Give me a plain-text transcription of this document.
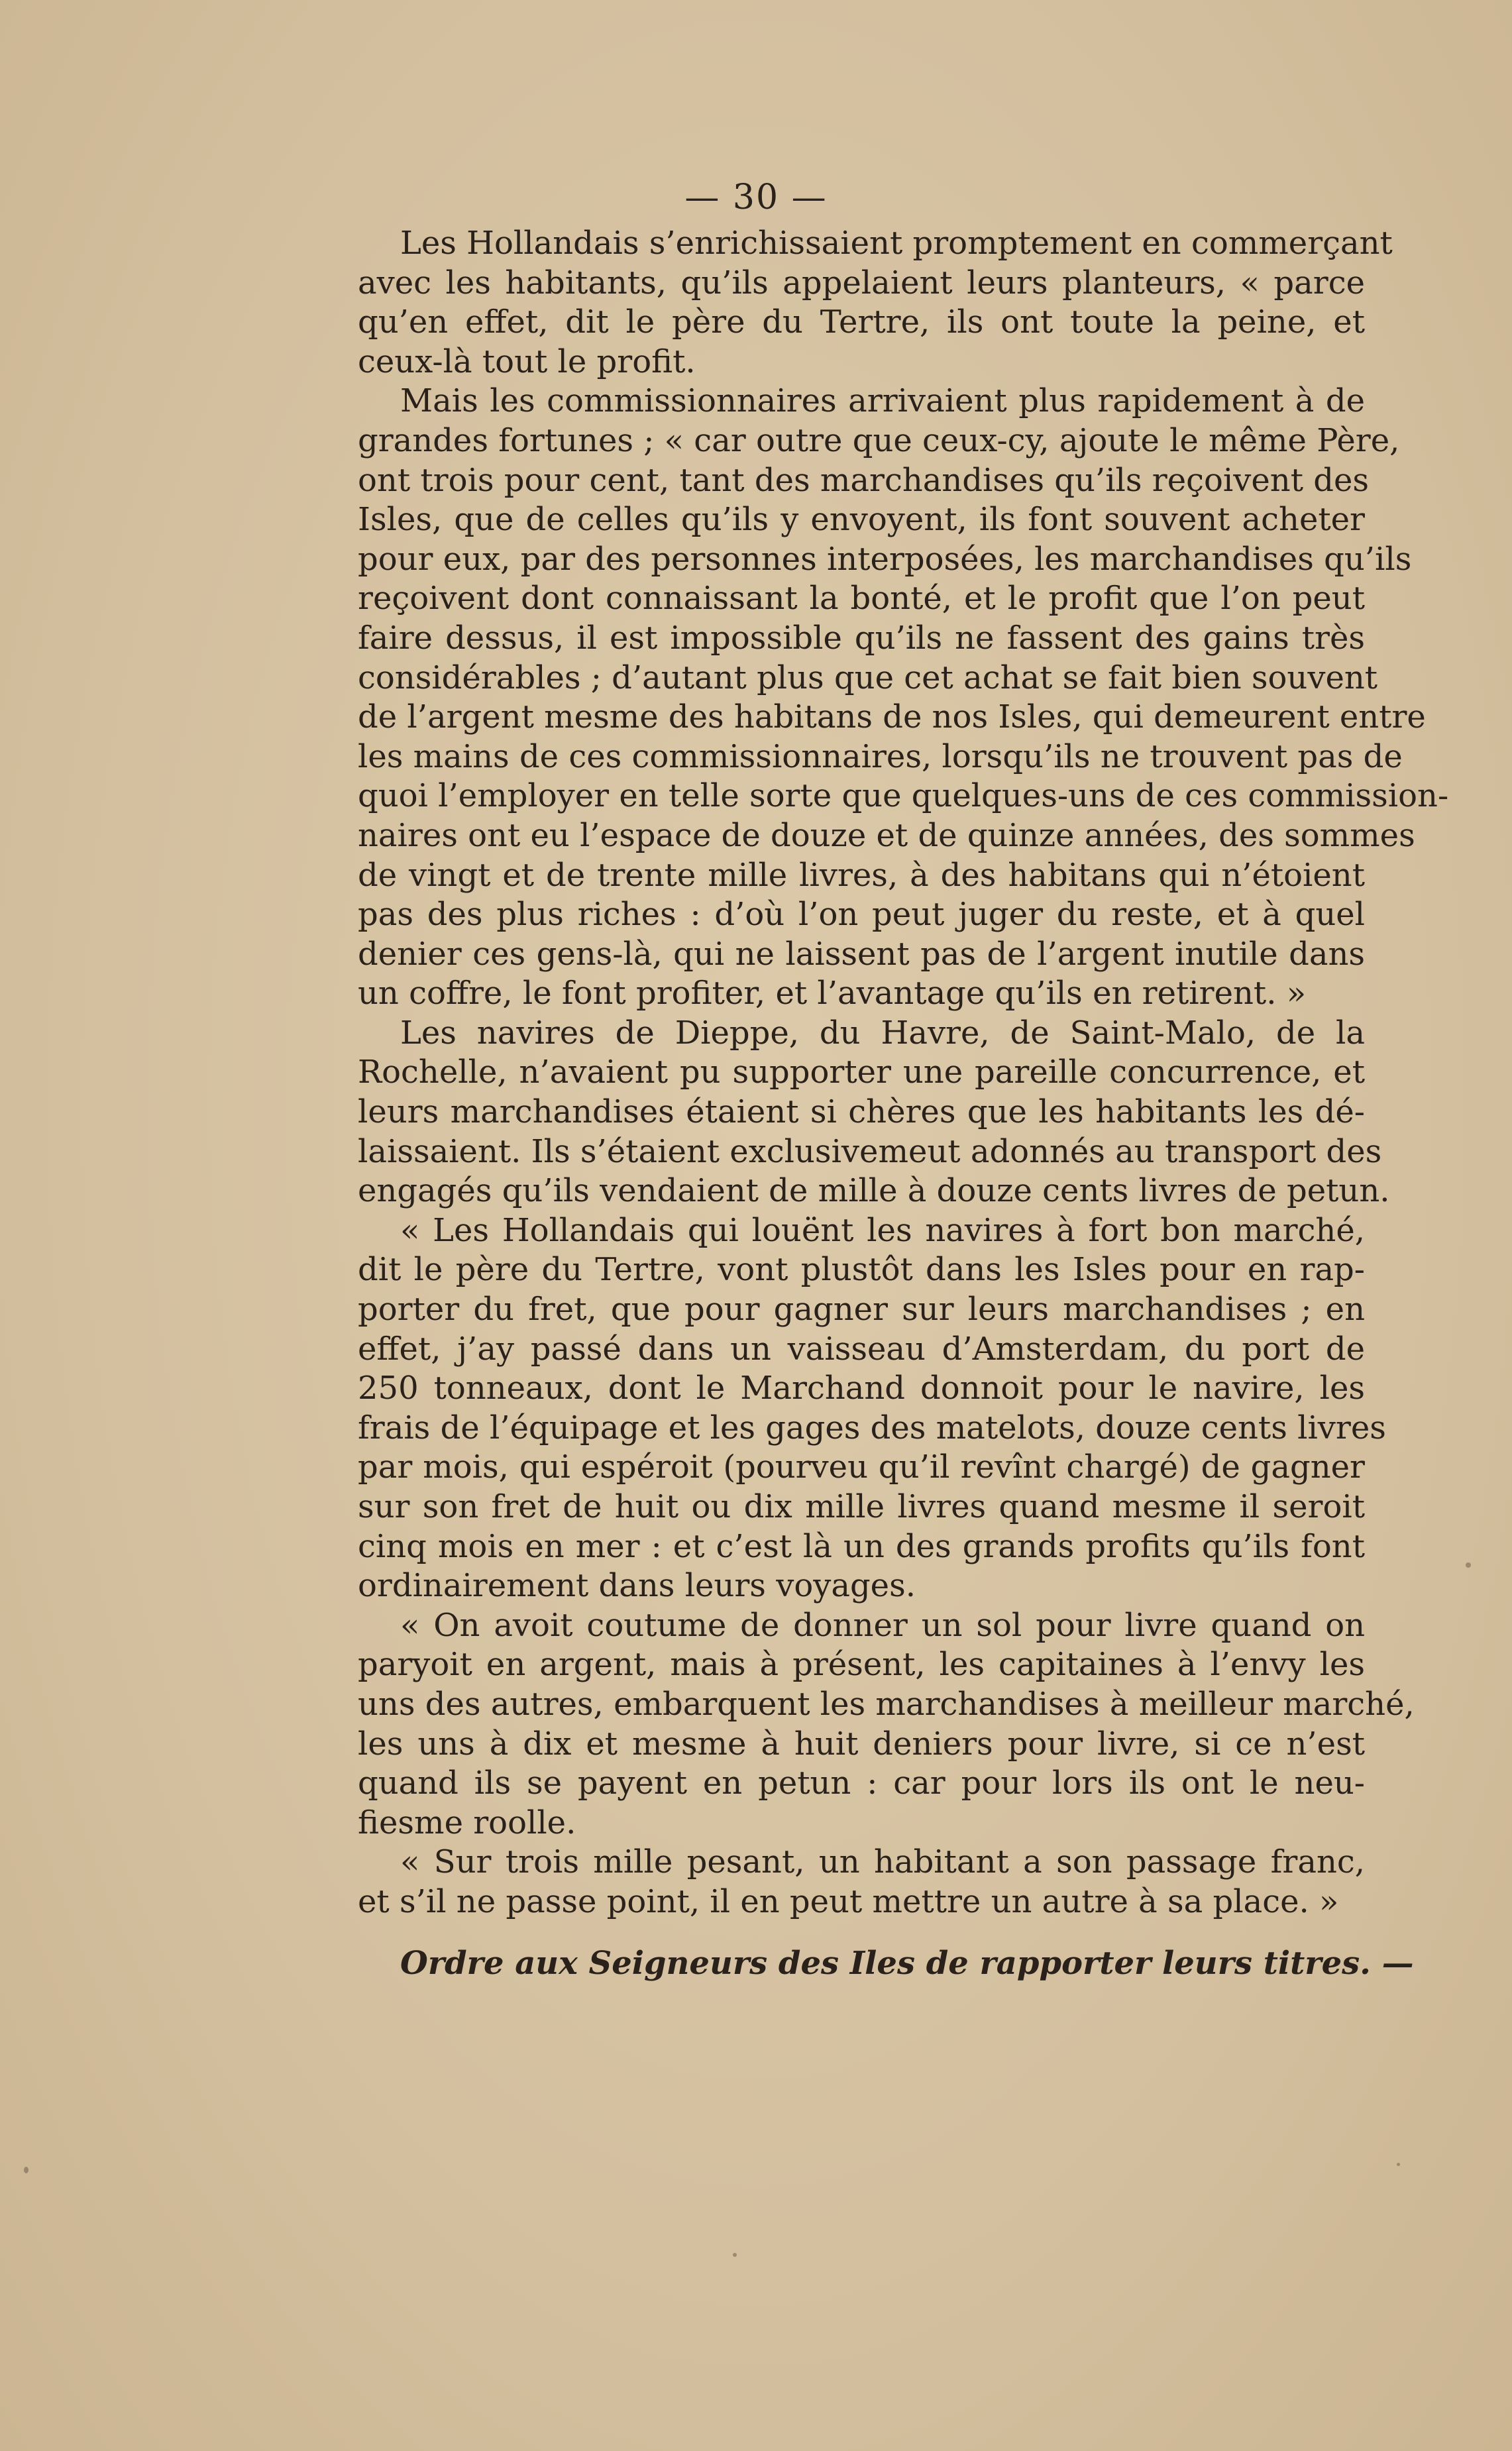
— 30 —
Les Hollandais s’enrichissaient promptement en commerçant
avec les habitants, qu’ils appelaient leurs planteurs, « parce
qu’en effet, dit le père du Tertre, ils ont toute la peine, et
ceux-là tout le profit.
Mais les commissionnaires arrivaient plus rapidement à de
grandes fortunes ; « car outre que ceux-cy, ajoute le même Père,
ont trois pour cent, tant des marchandises qu’ils reçoivent des
Isles, que de celles qu’ils y envoyent, ils font souvent acheter
pour eux, par des personnes interposées, les marchandises qu’ils
reçoivent dont connaissant la bonté, et le profit que l’on peut
faire dessus, il est impossible qu’ils ne fassent des gains très
considérables ; d’autant plus que cet achat se fait bien souvent
de l’argent mesme des habitans de nos Isles, qui demeurent entre
les mains de ces commissionnaires, lorsqu’ils ne trouvent pas de
quoi l’employer en telle sorte que quelques-uns de ces commission-
naires ont eu l’espace de douze et de quinze années, des sommes
de vingt et de trente mille livres, à des habitans qui n’étoient
pas des plus riches : d’où l’on peut juger du reste, et à quel
denier ces gens-là, qui ne laissent pas de l’argent inutile dans
un coffre, le font profiter, et l’avantage qu’ils en retirent. »
Les navires de Dieppe, du Havre, de Saint-Malo, de la
Rochelle, n’avaient pu supporter une pareille concurrence, et
leurs marchandises étaient si chères que les habitants les dé-
laissaient. Ils s’étaient exclusivemeut adonnés au transport des
engagés qu’ils vendaient de mille à douze cents livres de petun.
« Les Hollandais qui louënt les navires à fort bon marché,
dit le père du Tertre, vont plustôt dans les Isles pour en rap-
porter du fret, que pour gagner sur leurs marchandises ; en
effet, j’ay passé dans un vaisseau d’Amsterdam, du port de
250 tonneaux, dont le Marchand donnoit pour le navire, les
frais de l’équipage et les gages des matelots, douze cents livres
par mois, qui espéroit (pourveu qu’il revînt chargé) de gagner
sur son fret de huit ou dix mille livres quand mesme il seroit
cinq mois en mer : et c’est là un des grands profits qu’ils font
ordinairement dans leurs voyages.
« On avoit coutume de donner un sol pour livre quand on
paryoit en argent, mais à présent, les capitaines à l’envy les
uns des autres, embarquent les marchandises à meilleur marché,
les uns à dix et mesme à huit deniers pour livre, si ce n’est
quand ils se payent en petun : car pour lors ils ont le neu-
fiesme roolle.
« Sur trois mille pesant, un habitant a son passage franc,
et s’il ne passe point, il en peut mettre un autre à sa place. »
Ordre aux Seigneurs des Iles de rapporter leurs titres. —
